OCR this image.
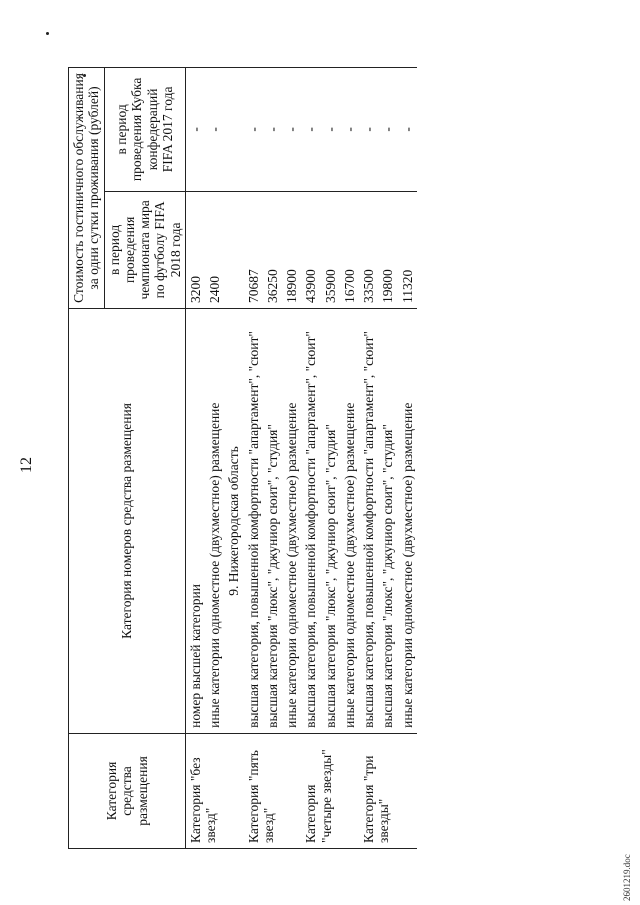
12
Категория средства размещения	Категория номеров средства размещения	Стоимость гостиничного обслуживания за одни сутки проживания (рублей)	
		в период проведения чемпионата мира по футболу FIFA 2018 года	в период проведения Кубка конфедераций FIFA 2017 года
Категория "без звезд"	номер высшей категории	3200	-
	иные категории одноместное (двухместное) размещение	2400	-
	9. Нижегородская область		
Категория "пять звезд"	высшая категория, повышенной комфортности "апартамент", "сюит"	70687	-
	высшая категория "люкс", "джуниор сюит", "студия"	36250	-
	иные категории одноместное (двухместное) размещение	18900	-
Категория "четыре звезды"	высшая категория, повышенной комфортности "апартамент", "сюит"	43900	-
	высшая категория "люкс", "джуниор сюит", "студия"	35900	-
	иные категории одноместное (двухместное) размещение	16700	-
Категория "три звезды"	высшая категория, повышенной комфортности "апартамент", "сюит"	33500	-
	высшая категория "люкс", "джуниор сюит", "студия"	19800	-
	иные категории одноместное (двухместное) размещение	11320	-
2601219.doc
